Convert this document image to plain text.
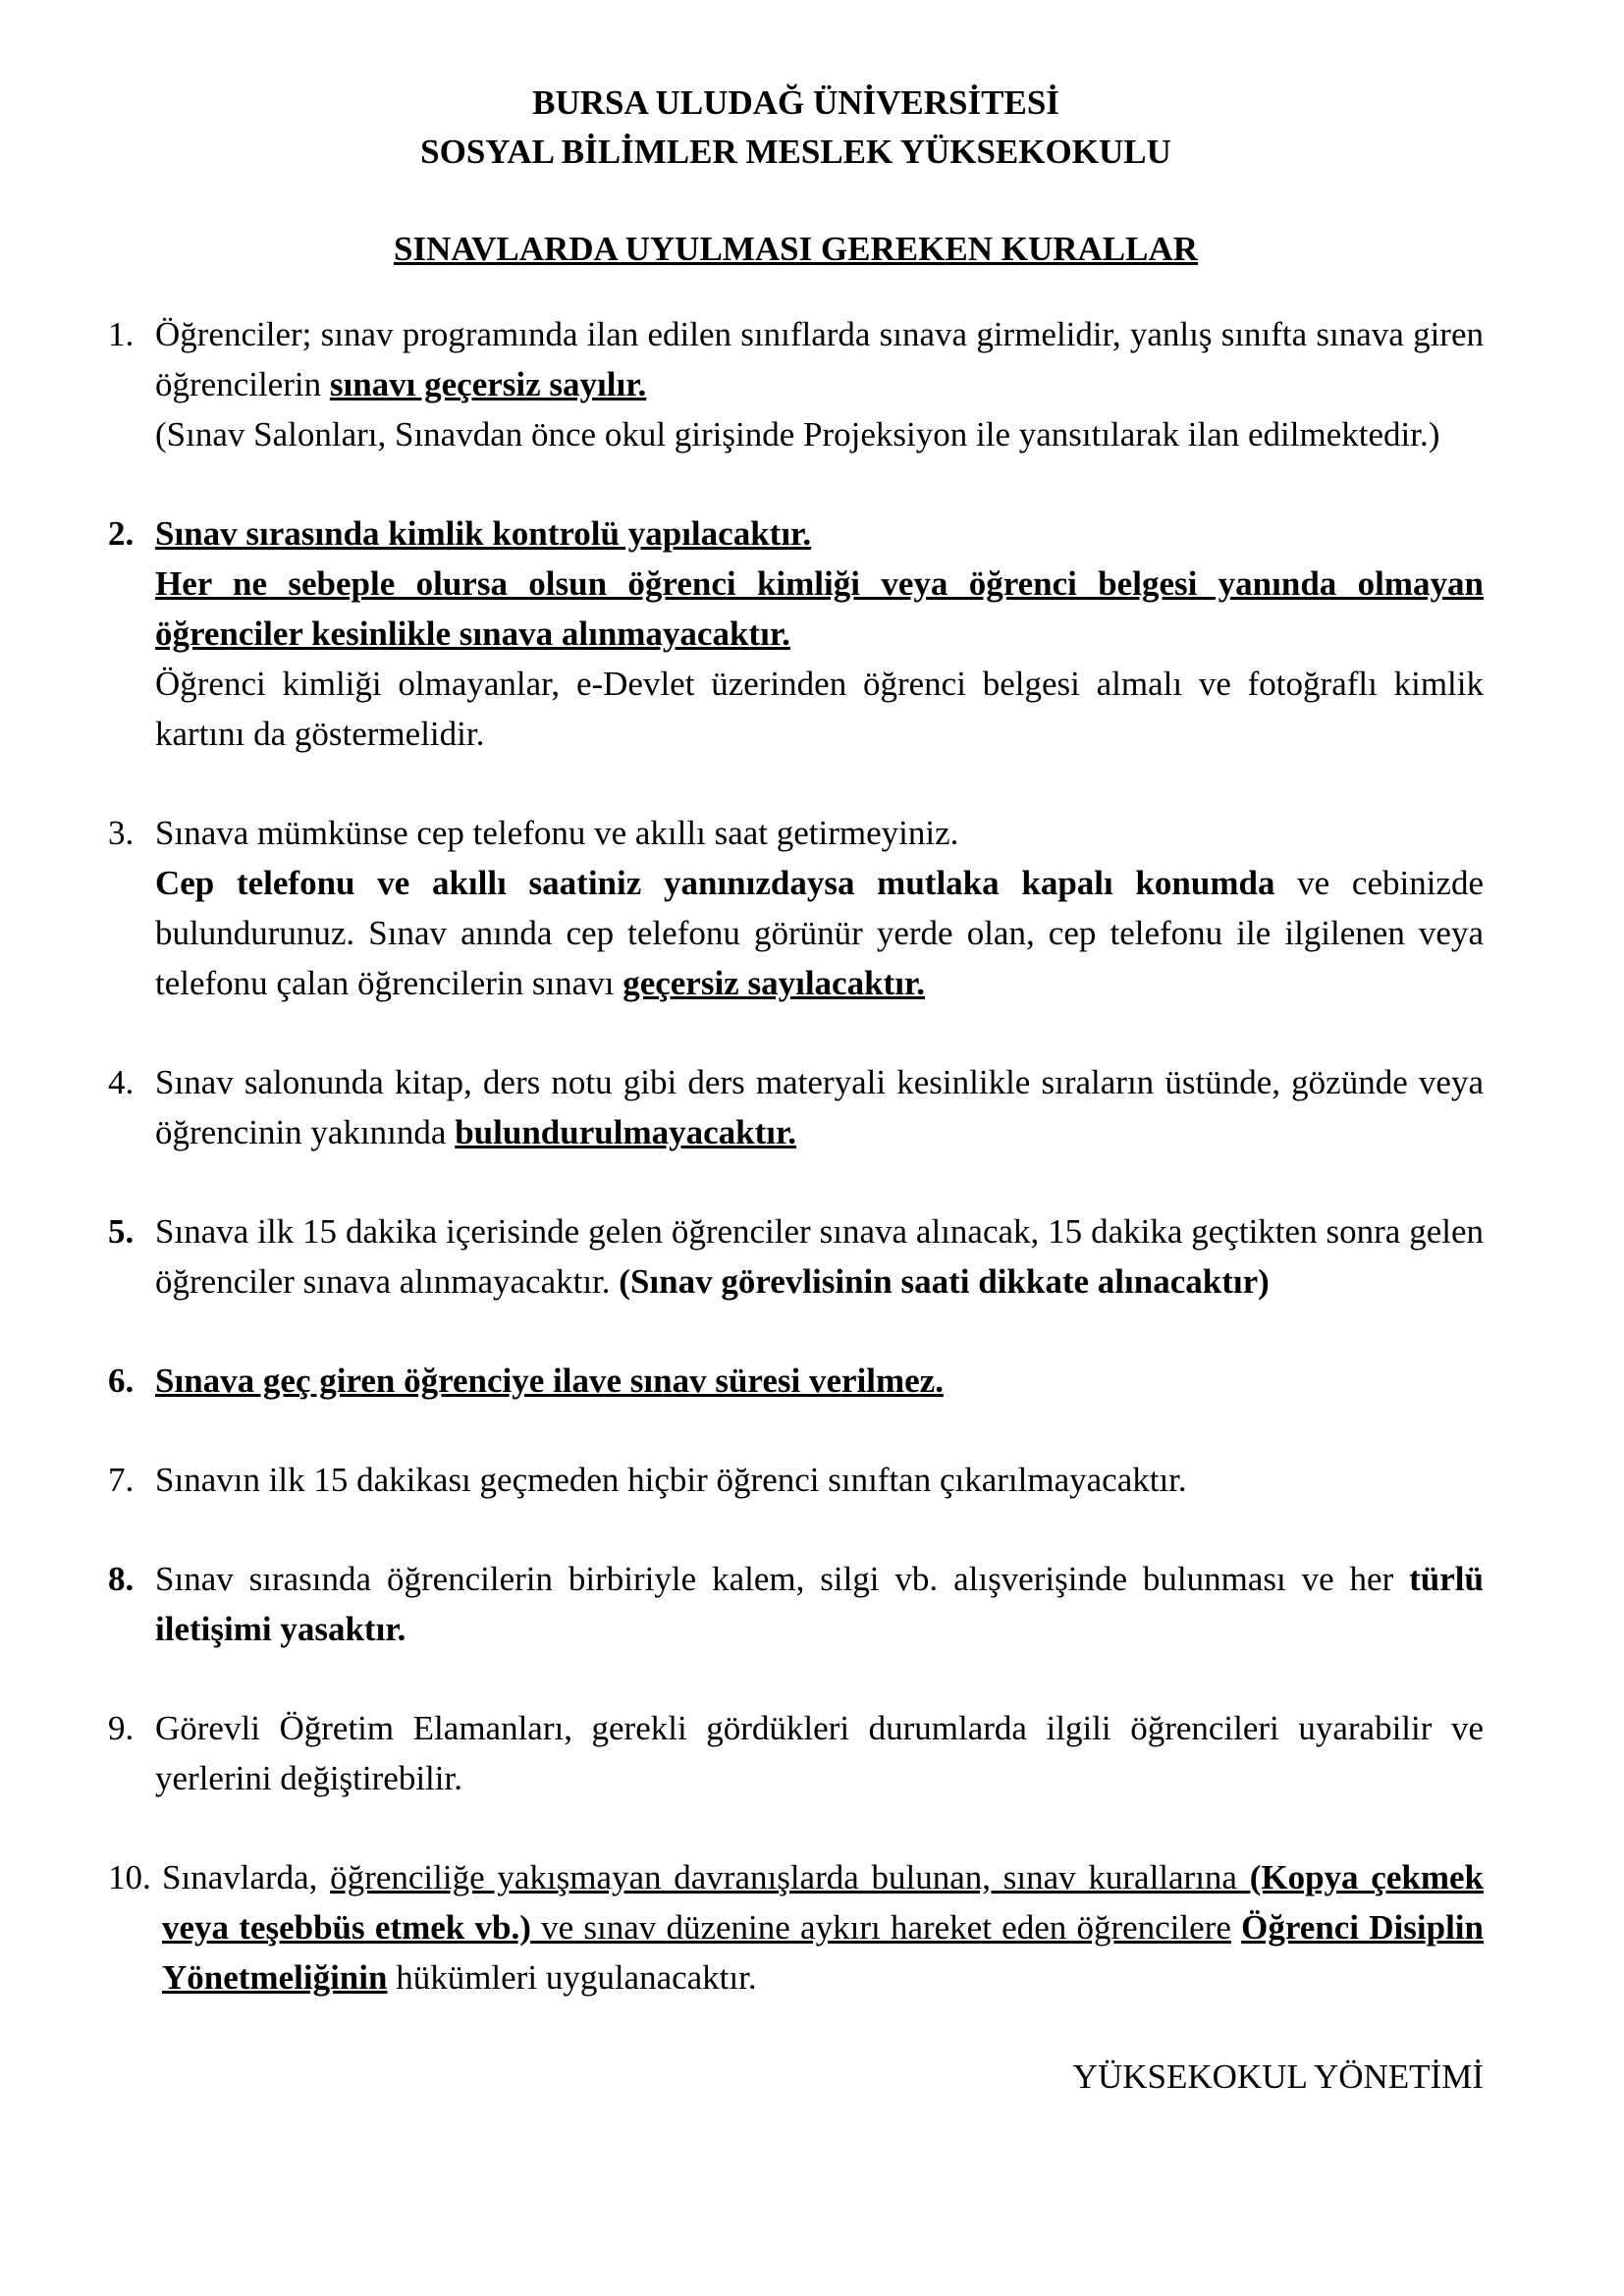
BURSA ULUDAĞ ÜNİVERSİTESİ
SOSYAL BİLİMLER MESLEK YÜKSEKOKULU
SINAVLARDA UYULMASI GEREKEN KURALLAR
1. Öğrenciler; sınav programında ilan edilen sınıflarda sınava girmelidir, yanlış sınıfta sınava giren öğrencilerin sınavı geçersiz sayılır.
(Sınav Salonları, Sınavdan önce okul girişinde Projeksiyon ile yansıtılarak ilan edilmektedir.)
2. Sınav sırasında kimlik kontrolü yapılacaktır.
Her ne sebeple olursa olsun öğrenci kimliği veya öğrenci belgesi yanında olmayan öğrenciler kesinlikle sınava alınmayacaktır.
Öğrenci kimliği olmayanlar, e-Devlet üzerinden öğrenci belgesi almalı ve fotoğraflı kimlik kartını da göstermelidir.
3. Sınava mümkünse cep telefonu ve akıllı saat getirmeyiniz.
Cep telefonu ve akıllı saatiniz yanınızdaysa mutlaka kapalı konumda ve cebinizde bulundurunuz. Sınav anında cep telefonu görünür yerde olan, cep telefonu ile ilgilenen veya telefonu çalan öğrencilerin sınavı geçersiz sayılacaktır.
4. Sınav salonunda kitap, ders notu gibi ders materyali kesinlikle sıraların üstünde, gözünde veya öğrencinin yakınında bulundurulmayacaktır.
5. Sınava ilk 15 dakika içerisinde gelen öğrenciler sınava alınacak, 15 dakika geçtikten sonra gelen öğrenciler sınava alınmayacaktır. (Sınav görevlisinin saati dikkate alınacaktır)
6. Sınava geç giren öğrenciye ilave sınav süresi verilmez.
7. Sınavın ilk 15 dakikası geçmeden hiçbir öğrenci sınıftan çıkarılmayacaktır.
8. Sınav sırasında öğrencilerin birbiriyle kalem, silgi vb. alışverişinde bulunması ve her türlü iletişimi yasaktır.
9. Görevli Öğretim Elamanları, gerekli gördükleri durumlarda ilgili öğrencileri uyarabilir ve yerlerini değiştirebilir.
10. Sınavlarda, öğrenciliğe yakışmayan davranışlarda bulunan, sınav kurallarına (Kopya çekmek veya teşebbüs etmek vb.) ve sınav düzenine aykırı hareket eden öğrencilere Öğrenci Disiplin Yönetmeliğinin hükümleri uygulanacaktır.
YÜKSEKOKUL YÖNETİMİ
